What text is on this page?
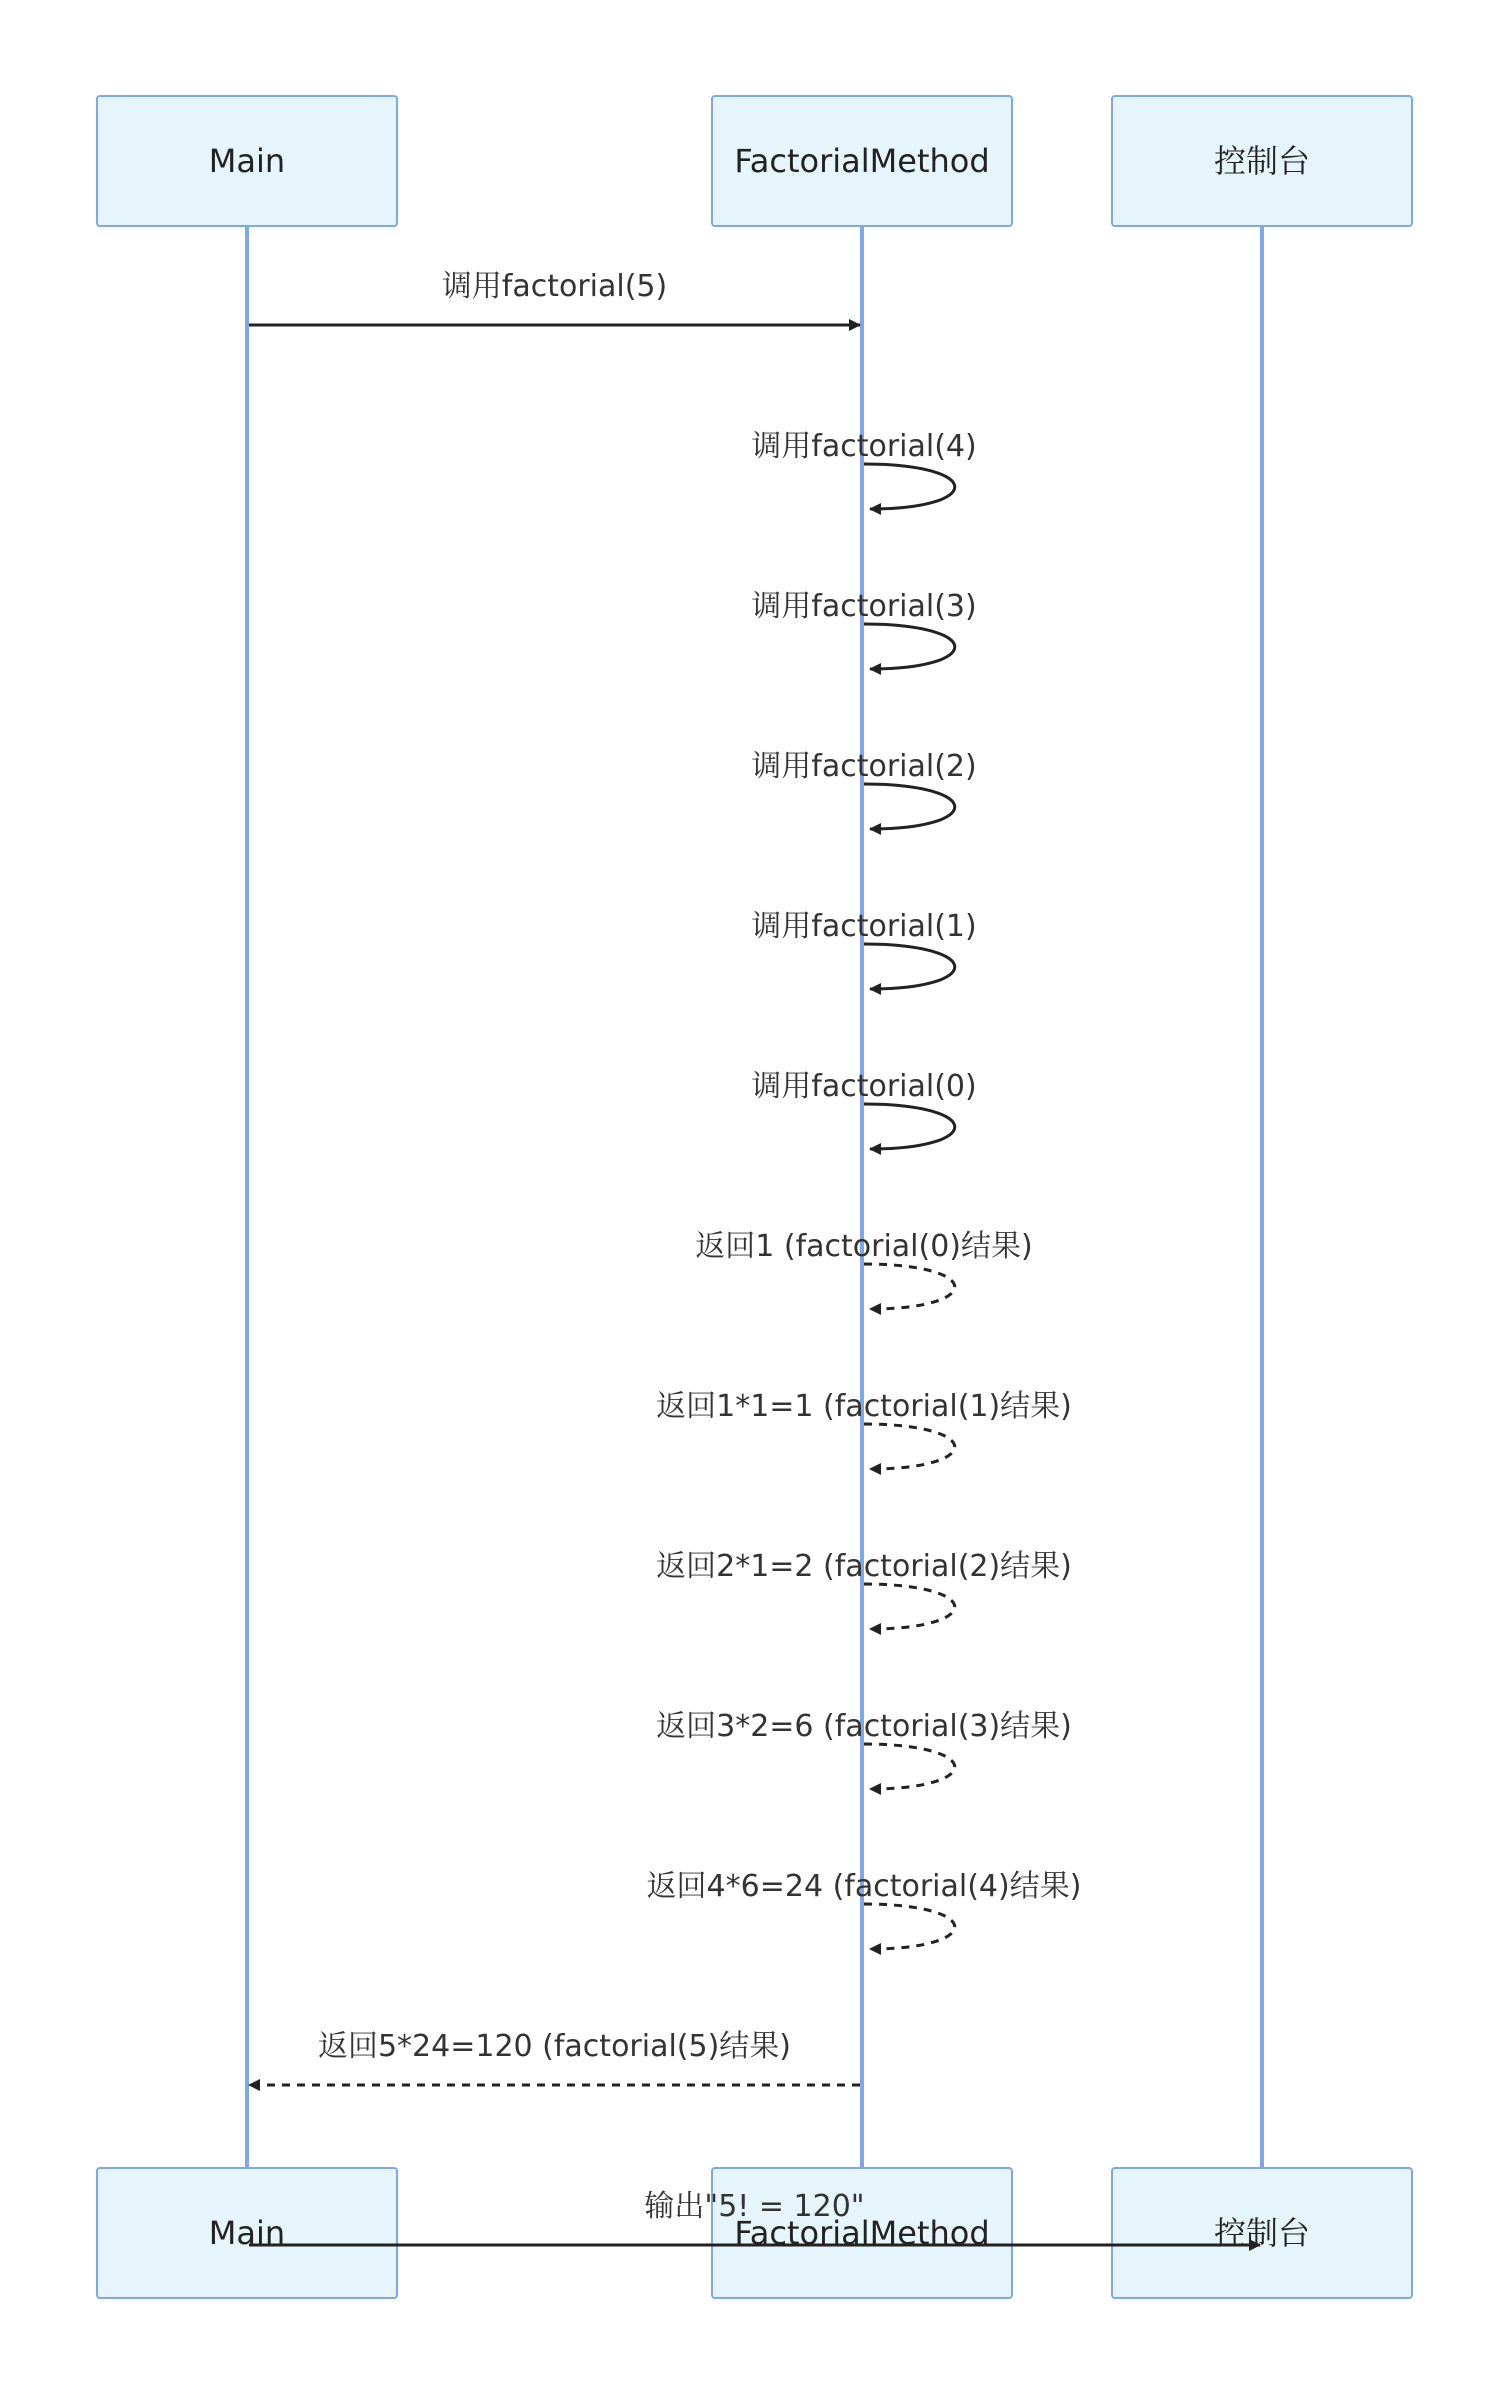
Main
Main
FactorialMethod
FactorialMethod
控制台
控制台
调用factorial(5)
调用factorial(4)
调用factorial(3)
调用factorial(2)
调用factorial(1)
调用factorial(0)
返回1 (factorial(0)结果)
返回1*1=1 (factorial(1)结果)
返回2*1=2 (factorial(2)结果)
返回3*2=6 (factorial(3)结果)
返回4*6=24 (factorial(4)结果)
返回5*24=120 (factorial(5)结果)
输出"5! = 120"
